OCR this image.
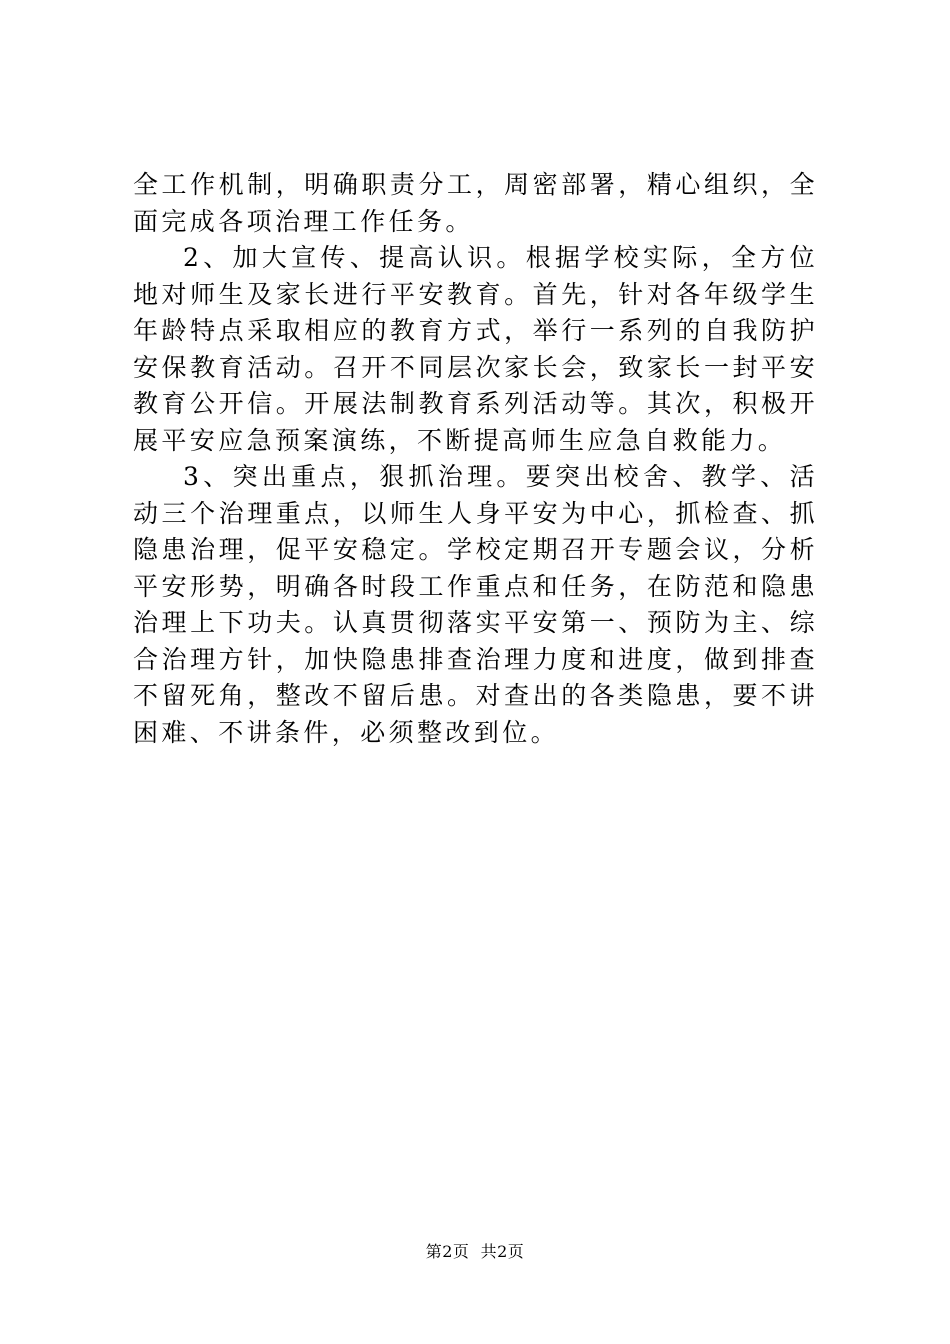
全工作机制，明确职责分工，周密部署，精心组织，全面完成各项治理工作任务。

2、加大宣传、提高认识。根据学校实际，全方位地对师生及家长进行平安教育。首先，针对各年级学生年龄特点采取相应的教育方式，举行一系列的自我防护安保教育活动。召开不同层次家长会，致家长一封平安教育公开信。开展法制教育系列活动等。其次，积极开展平安应急预案演练，不断提高师生应急自救能力。

3、突出重点，狠抓治理。要突出校舍、教学、活动三个治理重点，以师生人身平安为中心，抓检查、抓隐患治理，促平安稳定。学校定期召开专题会议，分析平安形势，明确各时段工作重点和任务，在防范和隐患治理上下功夫。认真贯彻落实平安第一、预防为主、综合治理方针，加快隐患排查治理力度和进度，做到排查不留死角，整改不留后患。对查出的各类隐患，要不讲困难、不讲条件，必须整改到位。

第2页 共2页
